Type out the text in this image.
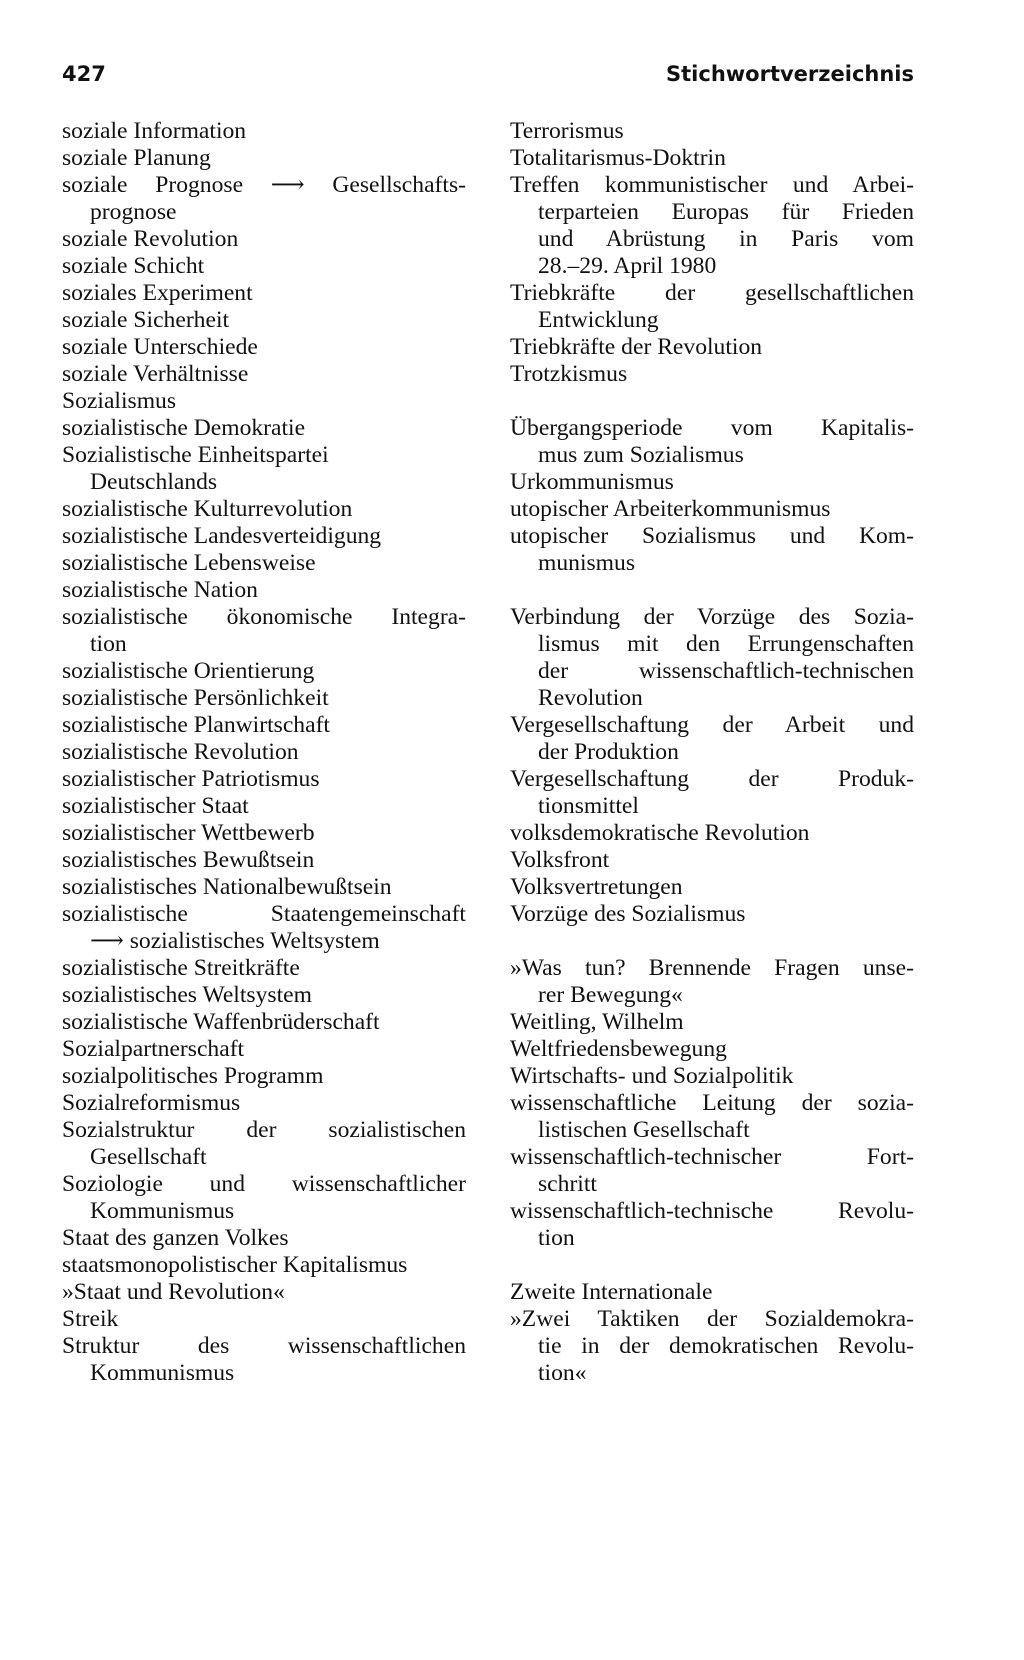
427	Stichwortverzeichnis
soziale Information
soziale Planung
soziale Prognose ⟶ Gesellschafts-
prognose
soziale Revolution
soziale Schicht
soziales Experiment
soziale Sicherheit
soziale Unterschiede
soziale Verhältnisse
Sozialismus
sozialistische Demokratie
Sozialistische Einheitspartei
Deutschlands
sozialistische Kulturrevolution
sozialistische Landesverteidigung
sozialistische Lebensweise
sozialistische Nation
sozialistische ökonomische Integra-
tion
sozialistische Orientierung
sozialistische Persönlichkeit
sozialistische Planwirtschaft
sozialistische Revolution
sozialistischer Patriotismus
sozialistischer Staat
sozialistischer Wettbewerb
sozialistisches Bewußtsein
sozialistisches Nationalbewußtsein
sozialistische Staatengemeinschaft
⟶ sozialistisches Weltsystem
sozialistische Streitkräfte
sozialistisches Weltsystem
sozialistische Waffenbrüderschaft
Sozialpartnerschaft
sozialpolitisches Programm
Sozialreformismus
Sozialstruktur der sozialistischen
Gesellschaft
Soziologie und wissenschaftlicher
Kommunismus
Staat des ganzen Volkes
staatsmonopolistischer Kapitalismus
»Staat und Revolution«
Streik
Struktur des wissenschaftlichen
Kommunismus
Terrorismus
Totalitarismus-Doktrin
Treffen kommunistischer und Arbei-
terparteien Europas für Frieden
und Abrüstung in Paris vom
28.–29. April 1980
Triebkräfte der gesellschaftlichen
Entwicklung
Triebkräfte der Revolution
Trotzkismus
Übergangsperiode vom Kapitalis-
mus zum Sozialismus
Urkommunismus
utopischer Arbeiterkommunismus
utopischer Sozialismus und Kom-
munismus
Verbindung der Vorzüge des Sozia-
lismus mit den Errungenschaften
der wissenschaftlich-technischen
Revolution
Vergesellschaftung der Arbeit und
der Produktion
Vergesellschaftung der Produk-
tionsmittel
volksdemokratische Revolution
Volksfront
Volksvertretungen
Vorzüge des Sozialismus
»Was tun? Brennende Fragen unse-
rer Bewegung«
Weitling, Wilhelm
Weltfriedensbewegung
Wirtschafts- und Sozialpolitik
wissenschaftliche Leitung der sozia-
listischen Gesellschaft
wissenschaftlich-technischer Fort-
schritt
wissenschaftlich-technische Revolu-
tion
Zweite Internationale
»Zwei Taktiken der Sozialdemokra-
tie in der demokratischen Revolu-
tion«
